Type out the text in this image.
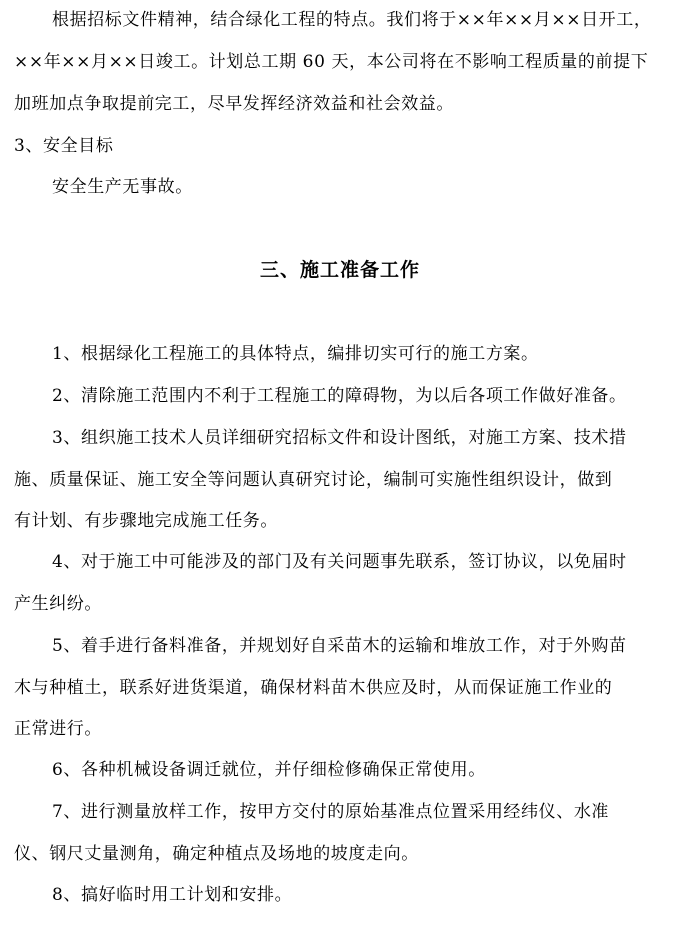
根据招标文件精神，结合绿化工程的特点。我们将于××年××月××日开工，
××年××月××日竣工。计划总工期 60 天，本公司将在不影响工程质量的前提下
加班加点争取提前完工，尽早发挥经济效益和社会效益。
3、安全目标
安全生产无事故。
三、施工准备工作
1、根据绿化工程施工的具体特点，编排切实可行的施工方案。
2、清除施工范围内不利于工程施工的障碍物，为以后各项工作做好准备。
3、组织施工技术人员详细研究招标文件和设计图纸，对施工方案、技术措
施、质量保证、施工安全等问题认真研究讨论，编制可实施性组织设计，做到
有计划、有步骤地完成施工任务。
4、对于施工中可能涉及的部门及有关问题事先联系，签订协议，以免届时
产生纠纷。
5、着手进行备料准备，并规划好自采苗木的运输和堆放工作，对于外购苗
木与种植土，联系好进货渠道，确保材料苗木供应及时，从而保证施工作业的
正常进行。
6、各种机械设备调迁就位，并仔细检修确保正常使用。
7、进行测量放样工作，按甲方交付的原始基准点位置采用经纬仪、水准
仪、钢尺丈量测角，确定种植点及场地的坡度走向。
8、搞好临时用工计划和安排。
